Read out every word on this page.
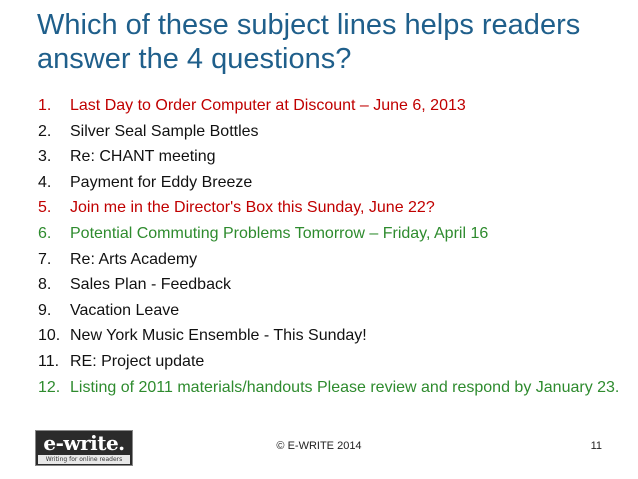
Which of these subject lines helps readers answer the 4 questions?
1.	Last Day to Order Computer at Discount – June 6, 2013
2.	Silver Seal Sample Bottles
3.	Re: CHANT meeting
4.	Payment for Eddy Breeze
5.	Join me in the Director's Box this Sunday, June 22?
6.	Potential Commuting Problems Tomorrow – Friday, April 16
7.	Re: Arts Academy
8.	Sales Plan - Feedback
9.	Vacation Leave
10. New York Music Ensemble - This Sunday!
11. RE: Project update
12. Listing of 2011 materials/handouts Please review and respond by January 23.
e-write.
Writing for online readers
© E-WRITE 2014	11
